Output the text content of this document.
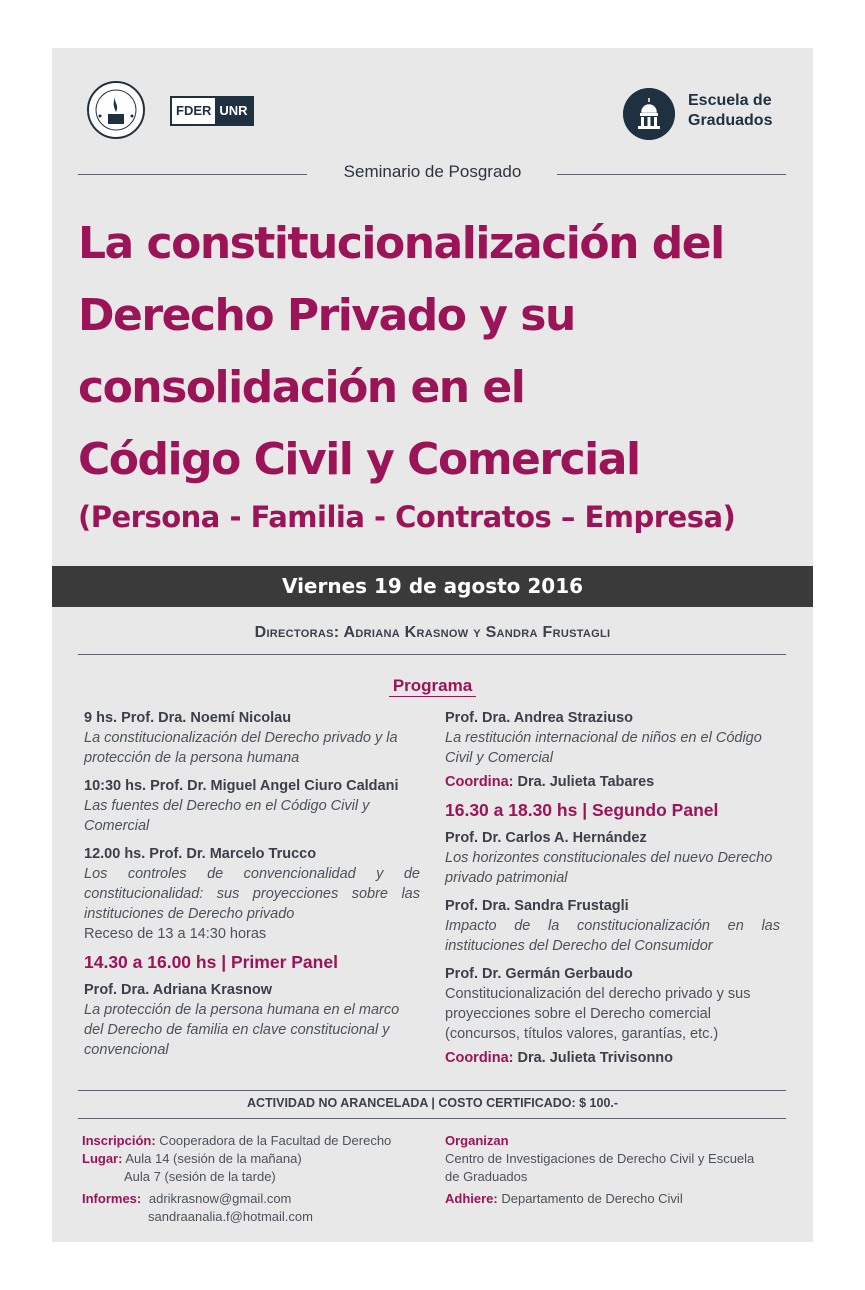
FDER UNR
Escuela de
Graduados
Seminario de Posgrado
La constitucionalización del
Derecho Privado y su
consolidación en el
Código Civil y Comercial
(Persona - Familia - Contratos – Empresa)
Viernes 19 de agosto 2016
Directoras: Adriana Krasnow y Sandra Frustagli
Programa
9 hs. Prof. Dra. Noemí Nicolau
La constitucionalización del Derecho privado y la protección de la persona humana
10:30 hs. Prof. Dr. Miguel Angel Ciuro Caldani
Las fuentes del Derecho en el Código Civil y Comercial
12.00 hs. Prof. Dr. Marcelo Trucco
Los controles de convencionalidad y de constitucionalidad: sus proyecciones sobre las instituciones de Derecho privado
Receso de 13 a 14:30 horas
14.30 a 16.00 hs | Primer Panel
Prof. Dra. Adriana Krasnow
La protección de la persona humana en el marco del Derecho de familia en clave constitucional y convencional
Prof. Dra. Andrea Straziuso
La restitución internacional de niños en el Código Civil y Comercial
Coordina: Dra. Julieta Tabares
16.30 a 18.30 hs | Segundo Panel
Prof. Dr. Carlos A. Hernández
Los horizontes constitucionales del nuevo Derecho privado patrimonial
Prof. Dra. Sandra Frustagli
Impacto de la constitucionalización en las instituciones del Derecho del Consumidor
Prof. Dr. Germán Gerbaudo
Constitucionalización del derecho privado y sus proyecciones sobre el Derecho comercial (concursos, títulos valores, garantías, etc.)
Coordina: Dra. Julieta Trivisonno
ACTIVIDAD NO ARANCELADA | COSTO CERTIFICADO: $ 100.-
Inscripción: Cooperadora de la Facultad de Derecho
Lugar: Aula 14 (sesión de la mañana)
Aula 7 (sesión de la tarde)
Informes: adrikrasnow@gmail.com
sandraanalia.f@hotmail.com
Organizan
Centro de Investigaciones de Derecho Civil y Escuela de Graduados
Adhiere: Departamento de Derecho Civil
